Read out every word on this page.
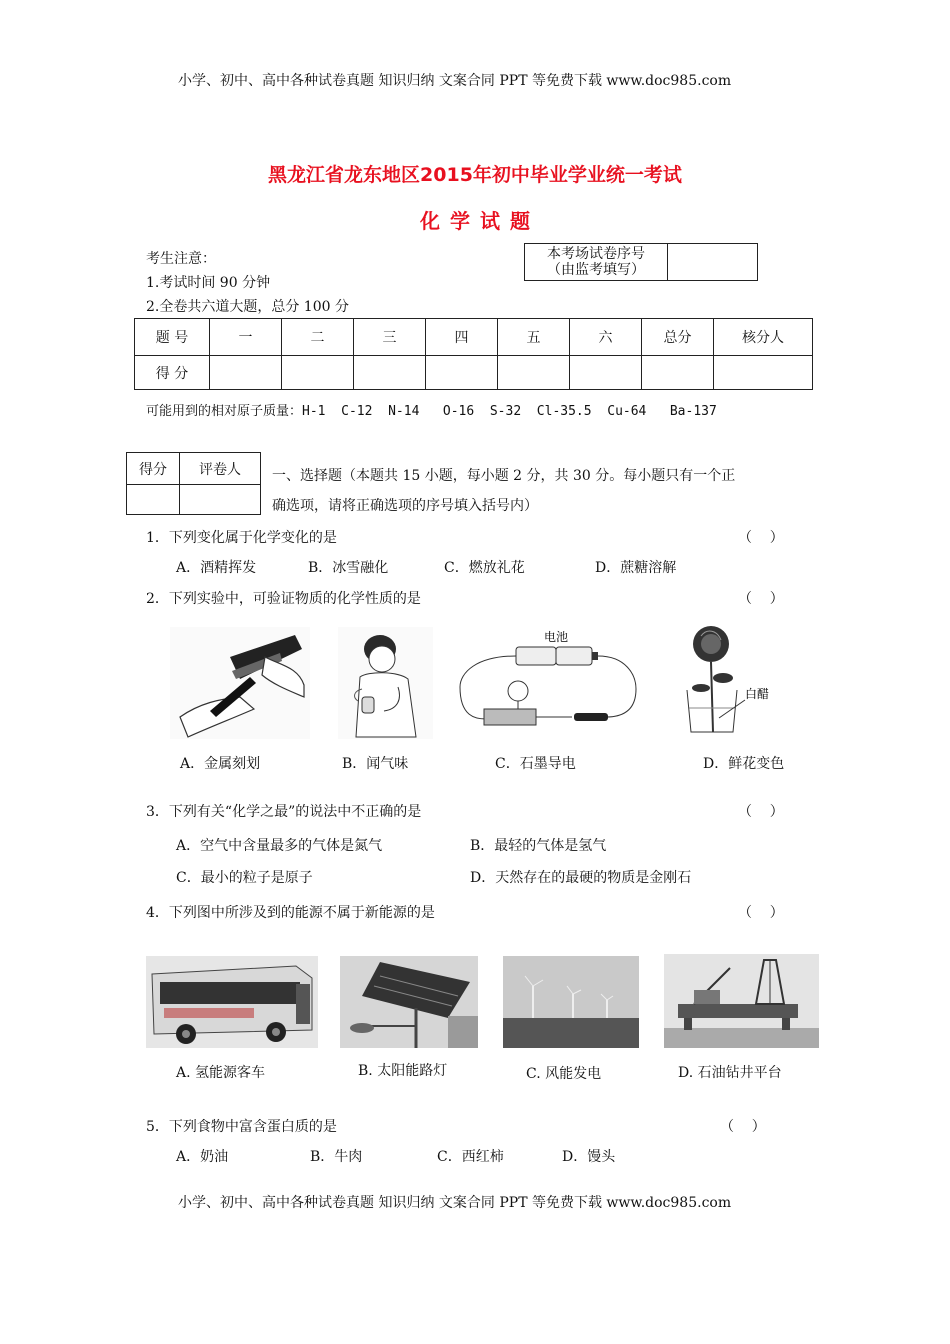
小学、初中、高中各种试卷真题 知识归纳 文案合同 PPT 等免费下载 www.doc985.com
黑龙江省龙东地区2015年初中毕业学业统一考试
化学试题
考生注意：
1.考试时间 90 分钟
2.全卷共六道大题，总分 100 分
本考场试卷序号
（由监考填写）

题 号	一	二	三	四	五	六	总分	核分人
得 分								
可能用到的相对原子质量：H-1  C-12  N-14   O-16  S-32  Cl-35.5  Cu-64   Ba-137
得分	评卷人
	一、选择题（本题共 15 小题，每小题 2 分，共 30 分。每小题只有一个正
确选项，请将正确选项的序号填入括号内）
1．下列变化属于化学变化的是	（    ）
A．酒精挥发	B．冰雪融化	C．燃放礼花	D．蔗糖溶解
2．下列实验中，可验证物质的化学性质的是	（    ）
电池
白醋
A．金属刻划	B．闻气味	C．石墨导电	D．鲜花变色
3．下列有关“化学之最”的说法中不正确的是	（    ）
A．空气中含量最多的气体是氮气	B．最轻的气体是氢气
C．最小的粒子是原子	D．天然存在的最硬的物质是金刚石
4．下列图中所涉及到的能源不属于新能源的是	（    ）
A. 氢能源客车	B. 太阳能路灯	C. 风能发电	D. 石油钻井平台
5．下列食物中富含蛋白质的是	（    ）
A．奶油	B．牛肉	C．西红柿	D．馒头
小学、初中、高中各种试卷真题 知识归纳 文案合同 PPT 等免费下载 www.doc985.com
